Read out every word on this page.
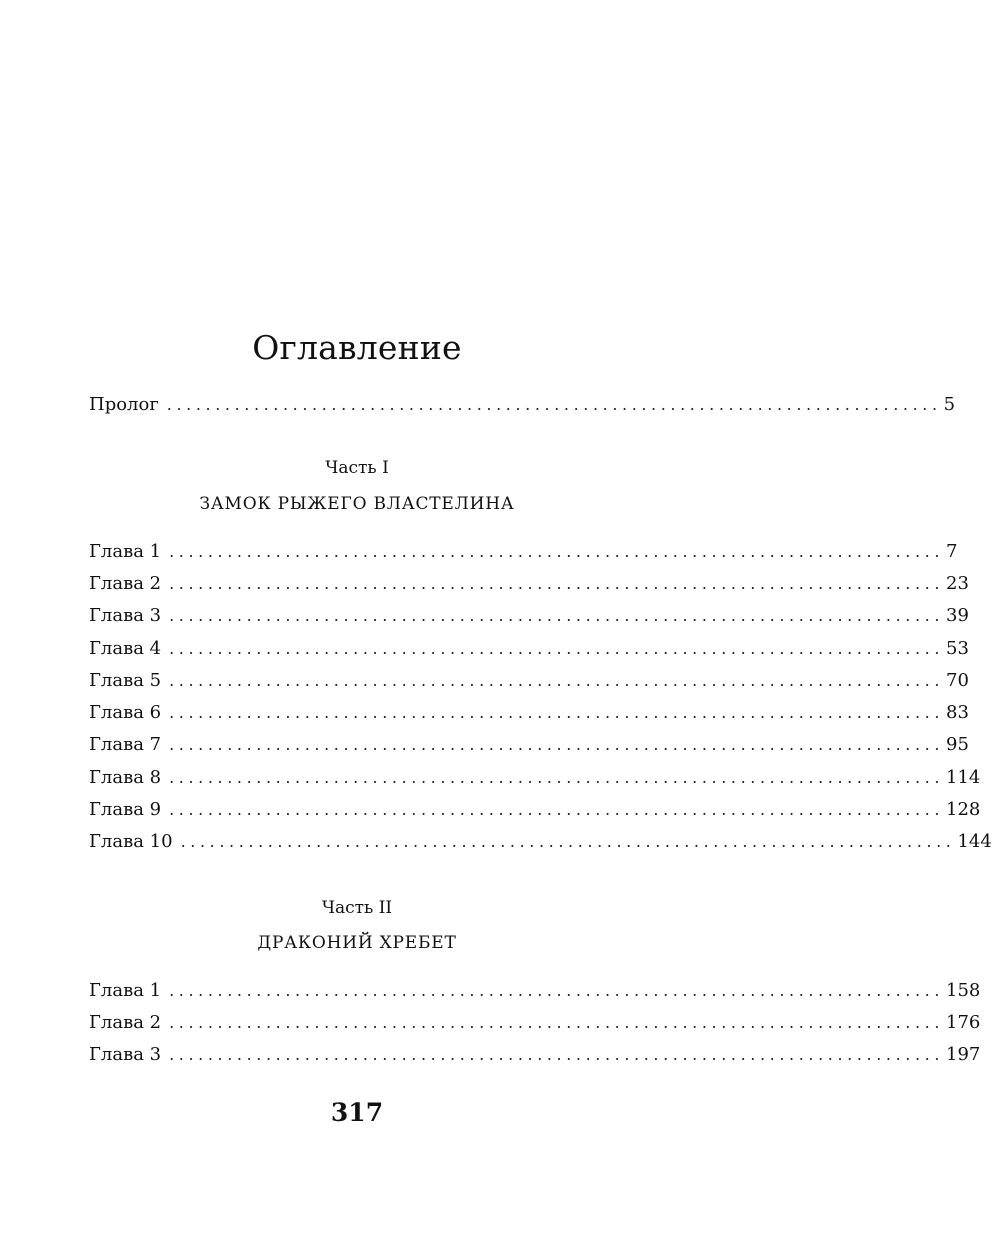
Оглавление
Пролог ................................................................................ 5
Часть I
ЗАМОК РЫЖЕГО ВЛАСТЕЛИНА
Глава 1 ................................................................................ 7
Глава 2 ................................................................................ 23
Глава 3 ................................................................................ 39
Глава 4 ................................................................................ 53
Глава 5 ................................................................................ 70
Глава 6 ................................................................................ 83
Глава 7 ................................................................................ 95
Глава 8 ................................................................................ 114
Глава 9 ................................................................................ 128
Глава 10 ................................................................................ 144
Часть II
ДРАКОНИЙ ХРЕБЕТ
Глава 1 ................................................................................ 158
Глава 2 ................................................................................ 176
Глава 3 ................................................................................ 197
317
